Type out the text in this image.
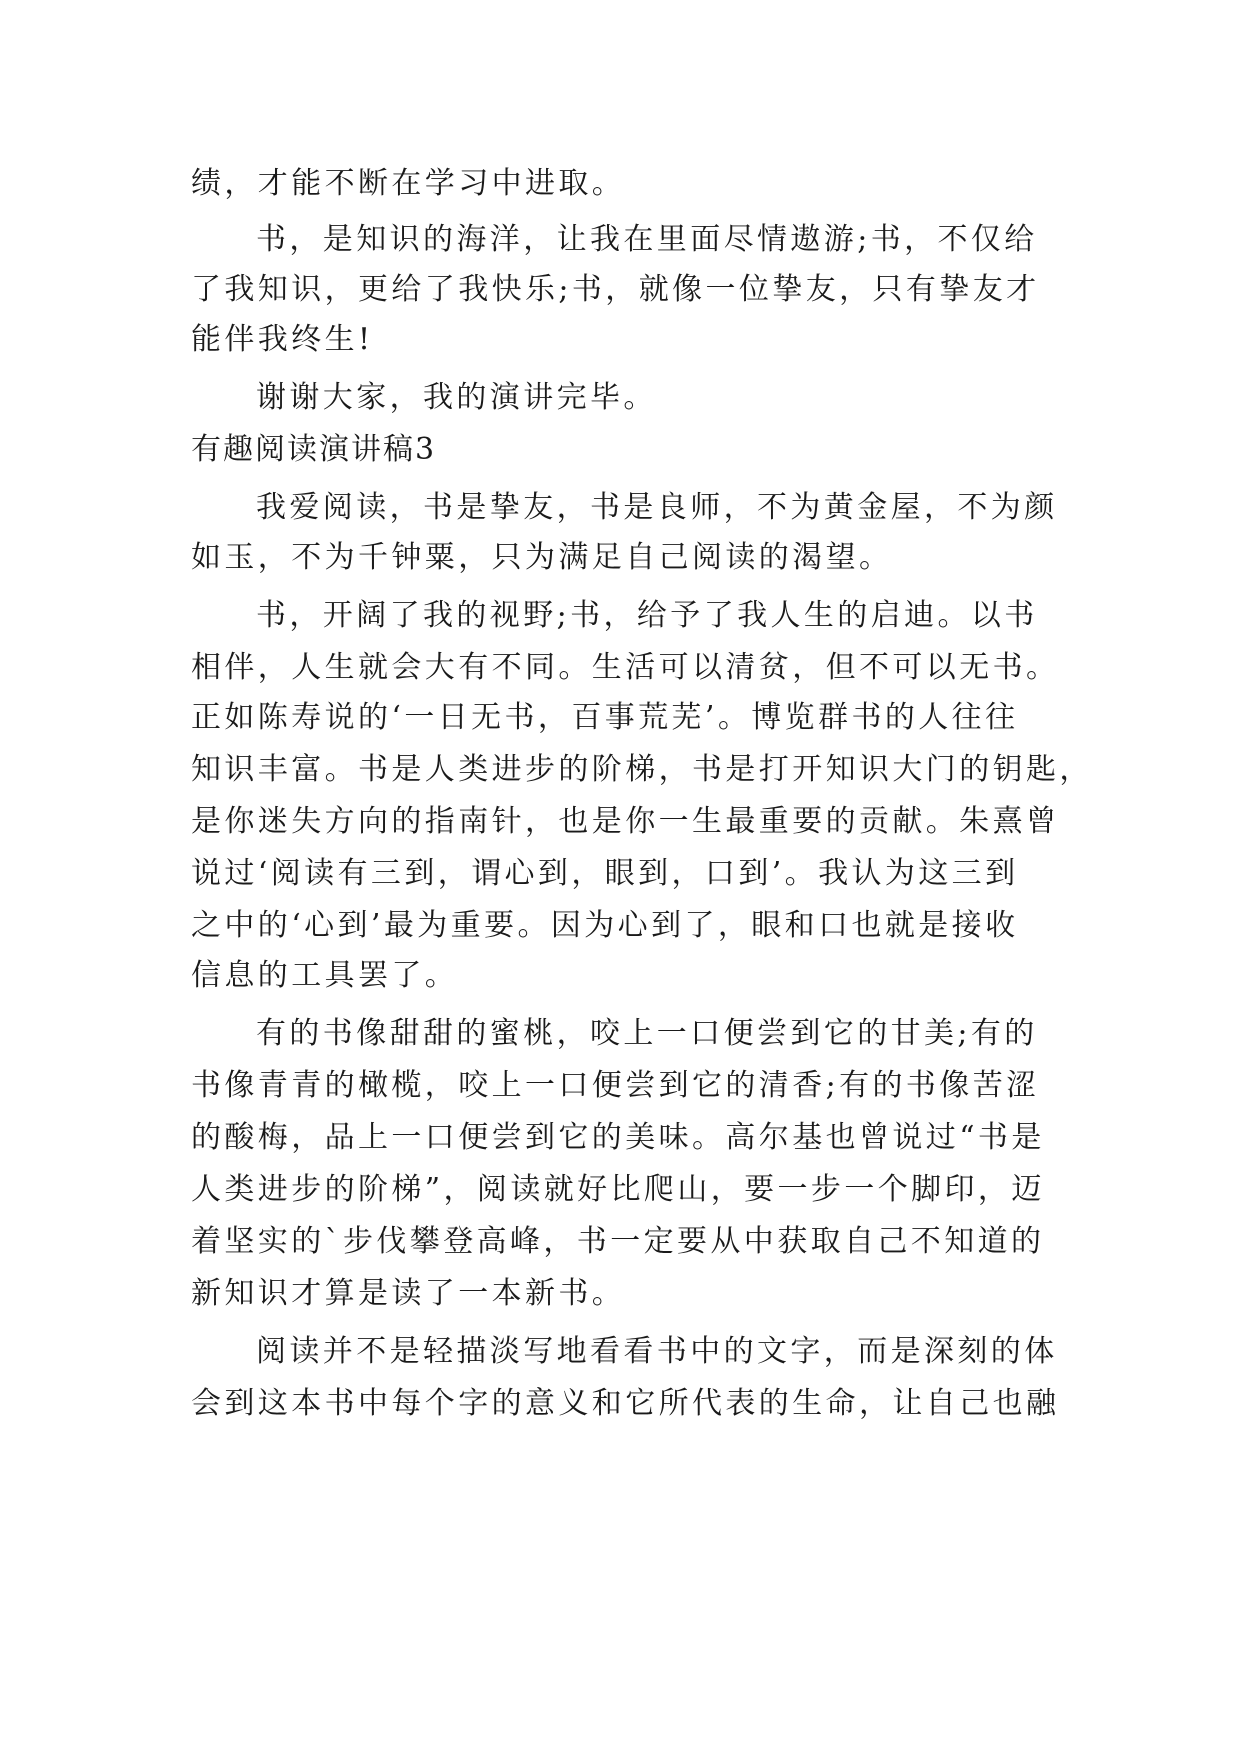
绩，才能不断在学习中进取。
书，是知识的海洋，让我在里面尽情遨游;书，不仅给
了我知识，更给了我快乐;书，就像一位挚友，只有挚友才
能伴我终生!
谢谢大家，我的演讲完毕。
有趣阅读演讲稿3
我爱阅读，书是挚友，书是良师，不为黄金屋，不为颜
如玉，不为千钟粟，只为满足自己阅读的渴望。
书，开阔了我的视野;书，给予了我人生的启迪。以书
相伴，人生就会大有不同。生活可以清贫，但不可以无书。
正如陈寿说的‘一日无书，百事荒芜’。博览群书的人往往
知识丰富。书是人类进步的阶梯，书是打开知识大门的钥匙，
是你迷失方向的指南针，也是你一生最重要的贡献。朱熹曾
说过‘阅读有三到，谓心到，眼到，口到’。我认为这三到
之中的‘心到’最为重要。因为心到了，眼和口也就是接收
信息的工具罢了。
有的书像甜甜的蜜桃，咬上一口便尝到它的甘美;有的
书像青青的橄榄，咬上一口便尝到它的清香;有的书像苦涩
的酸梅，品上一口便尝到它的美味。高尔基也曾说过“书是
人类进步的阶梯”，阅读就好比爬山，要一步一个脚印，迈
着坚实的`步伐攀登高峰，书一定要从中获取自己不知道的
新知识才算是读了一本新书。
阅读并不是轻描淡写地看看书中的文字，而是深刻的体
会到这本书中每个字的意义和它所代表的生命，让自己也融
